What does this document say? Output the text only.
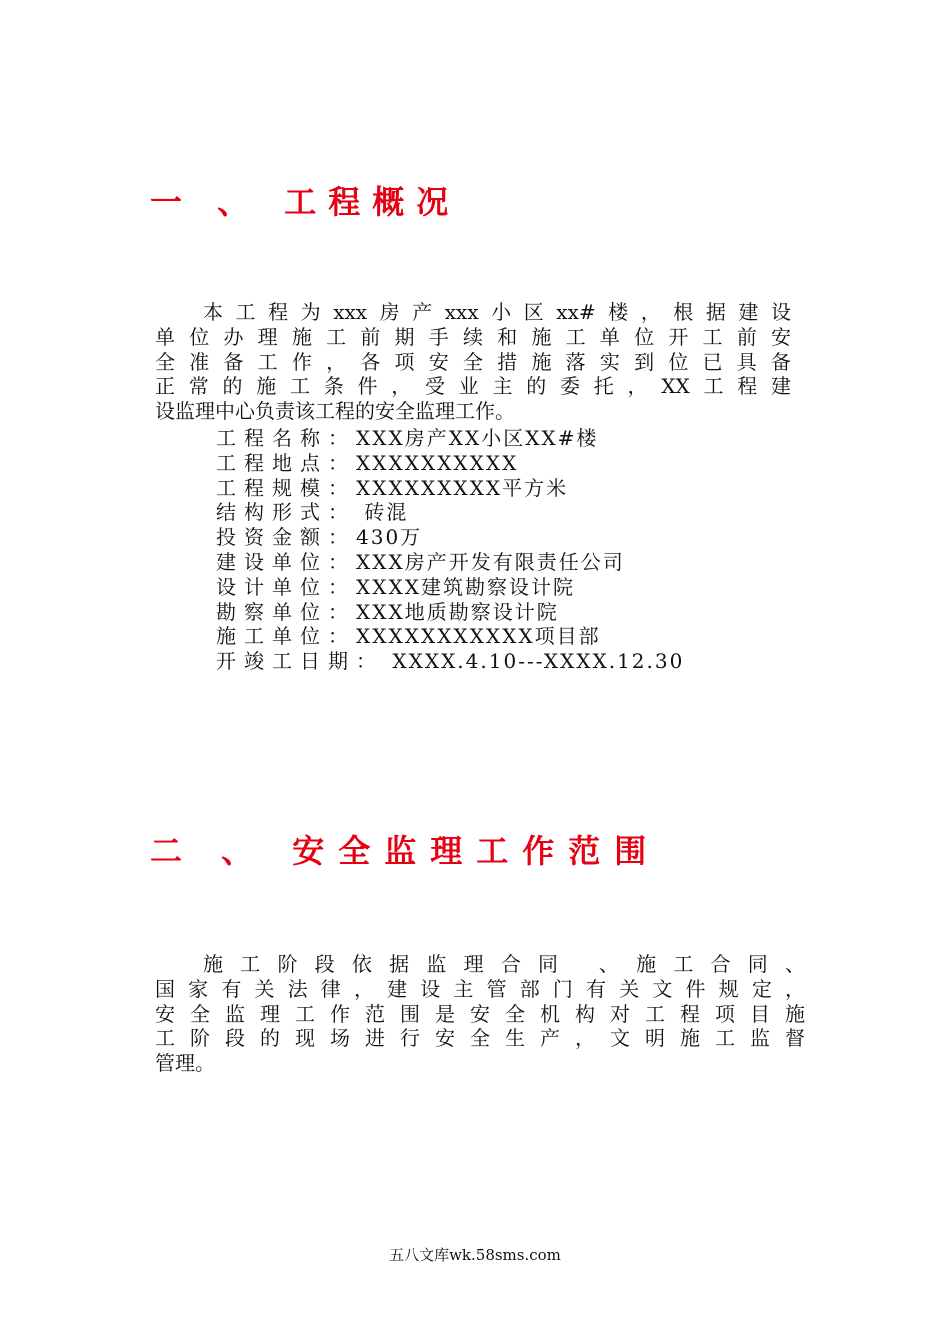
一 、 工程概况
本工程为xxx房产xxx小区xx#楼，根据建设
单位办理施工前期手续和施工单位开工前安
全准备工作，各项安全措施落实到位已具备
正常的施工条件，受业主的委托，XX工程建
设监理中心负责该工程的安全监理工作。
工程名称： XXX房产XX小区XX#楼
工程地点： XXXXXXXXXX
工程规模： XXXXXXXXX平方米
结构形式： 砖混
投资金额： 430万
建设单位： XXX房产开发有限责任公司
设计单位： XXXX建筑勘察设计院
勘察单位： XXX地质勘察设计院
施工单位： XXXXXXXXXXX项目部
开竣工日期： XXXX.4.10---XXXX.12.30
二 、 安全监理工作范围
施工阶段依据监理合同 、施工合同、
国家有关法律，建设主管部门有关文件规定，
安全监理工作范围是安全机构对工程项目施
工阶段的现场进行安全生产，文明施工监督
管理。
五八文库wk.58sms.com
